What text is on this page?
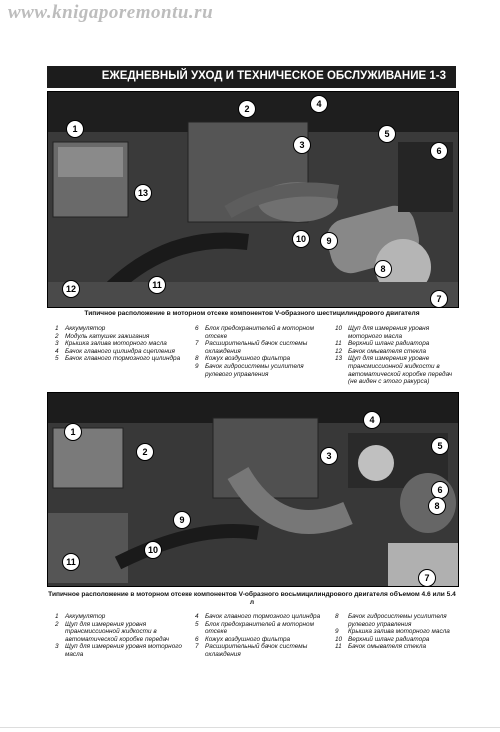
www.knigaporemontu.ru
ЕЖЕДНЕВНЫЙ УХОД И ТЕХНИЧЕСКОЕ ОБСЛУЖИВАНИЕ 1-3
1
2
3
4
5
6
7
8
9
10
11
12
13
Типичное расположение в моторном отсеке компонентов V-образного шестицилиндрового двигателя
1	Аккумулятор
2	Модуль катушек зажигания
3	Крышка залива моторного масла
4	Бачок главного цилиндра сцепления
5	Бачок главного тормозного цилиндра
6	Блок предохранителей в моторном отсеке
7	Расширительный бачок системы охлаждения
8	Кожух воздушного фильтра
9	Бачок гидросистемы усилителя рулевого управления
10 Щуп для измерения уровня моторного масла
11 Верхний шланг радиатора
12 Бачок омывателя стекла
13 Щуп для измерения уровне трансмиссионной жидкости в автоматической коробке передач (не виден с этого ракурса)
1
2	3
4
5
6
7
8
9
10
11
Типичное расположение в моторном отсеке компонентов V-образного восьмицилиндрового двигателя объемом 4.6 или 5.4 л
1	Аккумулятор
2	Щуп для измерения уровня трансмиссионной жидкости в автоматической коробке передач
3	Щуп для измерения уровня моторного масла
4	Бачок главного тормозного цилиндра
5	Блок предохранителей в моторном отсеке
6	Кожух воздушного фильтра
7	Расширительный бачок системы охлаждения
8	Бачок гидросистемы усилителя рулевого управления
9	Крышка залива моторного масла
10 Верхний шланг радиатора
11 Бачок омывателя стекла
